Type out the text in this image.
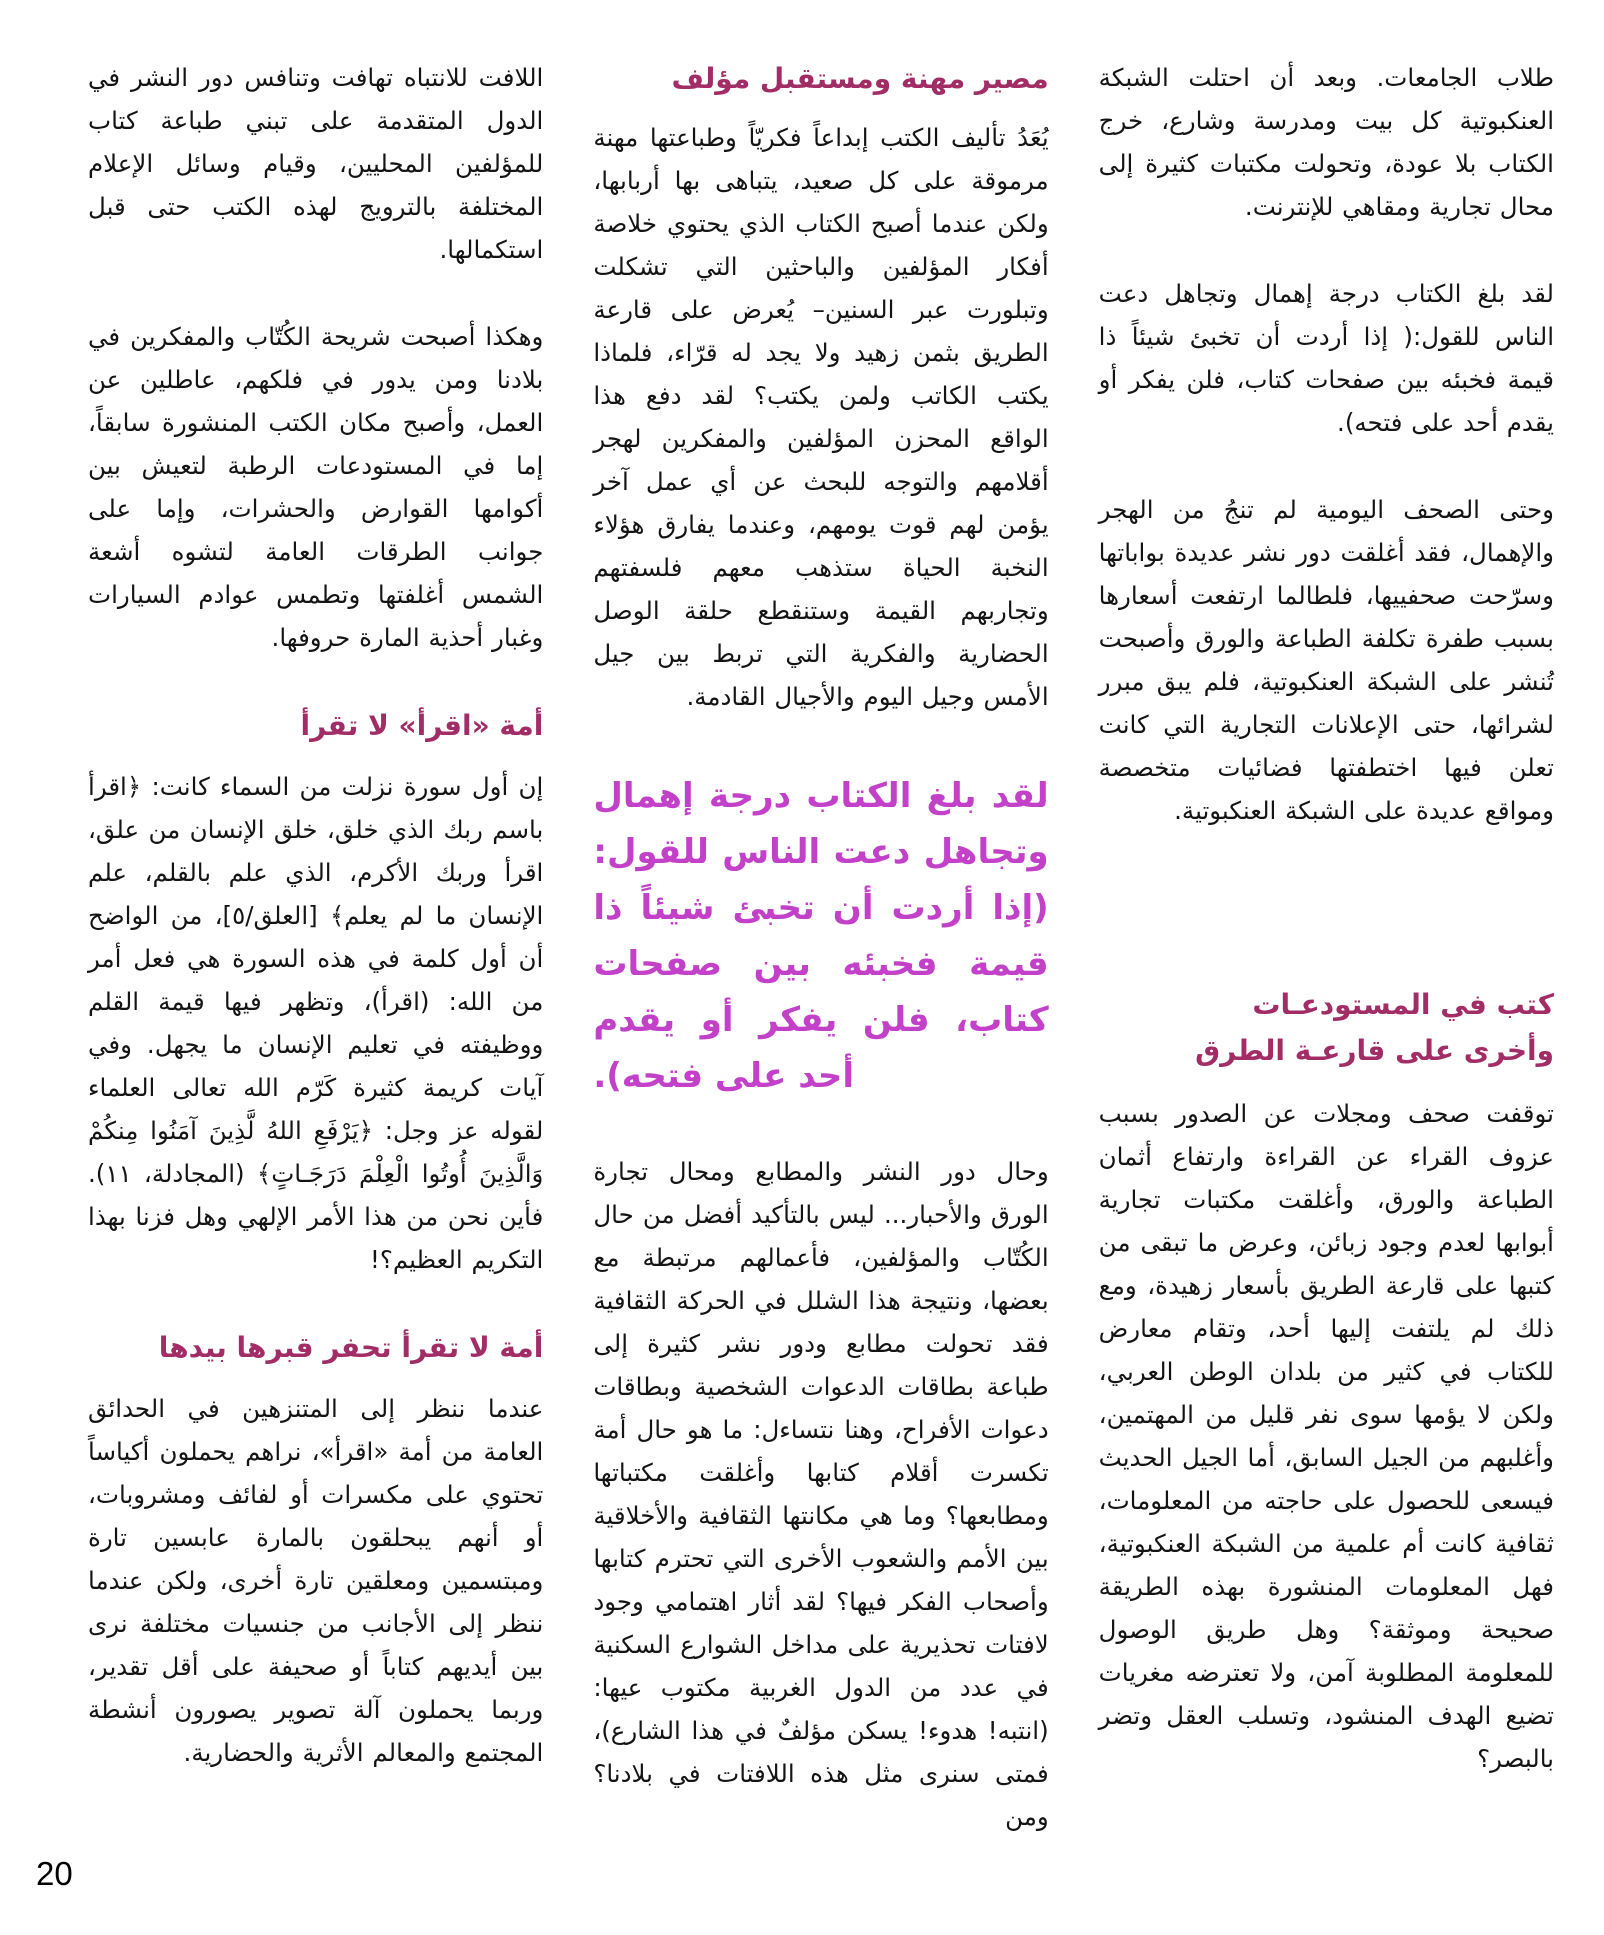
طلاب الجامعات. وبعد أن احتلت الشبكة العنكبوتية كل بيت ومدرسة وشارع، خرج الكتاب بلا عودة، وتحولت مكتبات كثيرة إلى محال تجارية ومقاهي للإنترنت.

لقد بلغ الكتاب درجة إهمال وتجاهل دعت الناس للقول:( إذا أردت أن تخبئ شيئاً ذا قيمة فخبئه بين صفحات كتاب، فلن يفكر أو يقدم أحد على فتحه).

وحتى الصحف اليومية لم تنجُ من الهجر والإهمال، فقد أغلقت دور نشر عديدة بواباتها وسرّحت صحفييها، فلطالما ارتفعت أسعارها بسبب طفرة تكلفة الطباعة والورق وأصبحت تُنشر على الشبكة العنكبوتية، فلم يبق مبرر لشرائها، حتى الإعلانات التجارية التي كانت تعلن فيها اختطفتها فضائيات متخصصة ومواقع عديدة على الشبكة العنكبوتية.

كتب في المستودعـات
وأخرى على قارعـة الطرق

توقفت صحف ومجلات عن الصدور بسبب عزوف القراء عن القراءة وارتفاع أثمان الطباعة والورق، وأغلقت مكتبات تجارية أبوابها لعدم وجود زبائن، وعرض ما تبقى من كتبها على قارعة الطريق بأسعار زهيدة، ومع ذلك لم يلتفت إليها أحد، وتقام معارض للكتاب في كثير من بلدان الوطن العربي، ولكن لا يؤمها سوى نفر قليل من المهتمين، وأغلبهم من الجيل السابق، أما الجيل الحديث فيسعى للحصول على حاجته من المعلومات، ثقافية كانت أم علمية من الشبكة العنكبوتية، فهل المعلومات المنشورة بهذه الطريقة صحيحة وموثقة؟ وهل طريق الوصول للمعلومة المطلوبة آمن، ولا تعترضه مغريات تضيع الهدف المنشود، وتسلب العقل وتضر بالبصر؟

مصير مهنة ومستقبل مؤلف

يُعَدُ تأليف الكتب إبداعاً فكريّاً وطباعتها مهنة مرموقة على كل صعيد، يتباهى بها أربابها، ولكن عندما أصبح الكتاب الذي يحتوي خلاصة أفكار المؤلفين والباحثين التي تشكلت وتبلورت عبر السنين– يُعرض على قارعة الطريق بثمن زهيد ولا يجد له قرّاء، فلماذا يكتب الكاتب ولمن يكتب؟ لقد دفع هذا الواقع المحزن المؤلفين والمفكرين لهجر أقلامهم والتوجه للبحث عن أي عمل آخر يؤمن لهم قوت يومهم، وعندما يفارق هؤلاء النخبة الحياة ستذهب معهم فلسفتهم وتجاربهم القيمة وستنقطع حلقة الوصل الحضارية والفكرية التي تربط بين جيل الأمس وجيل اليوم والأجيال القادمة.

لقد بلغ الكتاب درجة إهمال وتجاهل دعت الناس للقول: (إذا أردت أن تخبئ شيئاً ذا قيمة فخبئه بين صفحات كتاب، فلن يفكر أو يقدم أحد على فتحه).

وحال دور النشر والمطابع ومحال تجارة الورق والأحبار... ليس بالتأكيد أفضل من حال الكُتّاب والمؤلفين، فأعمالهم مرتبطة مع بعضها، ونتيجة هذا الشلل في الحركة الثقافية فقد تحولت مطابع ودور نشر كثيرة إلى طباعة بطاقات الدعوات الشخصية وبطاقات دعوات الأفراح، وهنا نتساءل: ما هو حال أمة تكسرت أقلام كتابها وأغلقت مكتباتها ومطابعها؟ وما هي مكانتها الثقافية والأخلاقية بين الأمم والشعوب الأخرى التي تحترم كتابها وأصحاب الفكر فيها؟ لقد أثار اهتمامي وجود لافتات تحذيرية على مداخل الشوارع السكنية في عدد من الدول الغربية مكتوب عيها: (انتبه! هدوء! يسكن مؤلفٌ في هذا الشارع)، فمتى سنرى مثل هذه اللافتات في بلادنا؟ ومن

اللافت للانتباه تهافت وتنافس دور النشر في الدول المتقدمة على تبني طباعة كتاب للمؤلفين المحليين، وقيام وسائل الإعلام المختلفة بالترويج لهذه الكتب حتى قبل استكمالها.

وهكذا أصبحت شريحة الكُتّاب والمفكرين في بلادنا ومن يدور في فلكهم، عاطلين عن العمل، وأصبح مكان الكتب المنشورة سابقاً، إما في المستودعات الرطبة لتعيش بين أكوامها القوارض والحشرات، وإما على جوانب الطرقات العامة لتشوه أشعة الشمس أغلفتها وتطمس عوادم السيارات وغبار أحذية المارة حروفها.

أمة «اقرأ» لا تقرأ

إن أول سورة نزلت من السماء كانت: ﴿اقرأ باسم ربك الذي خلق، خلق الإنسان من علق، اقرأ وربك الأكرم، الذي علم بالقلم، علم الإنسان ما لم يعلم﴾ [العلق/٥]، من الواضح أن أول كلمة في هذه السورة هي فعل أمر من الله: (اقرأ)، وتظهر فيها قيمة القلم ووظيفته في تعليم الإنسان ما يجهل. وفي آيات كريمة كثيرة كَرّم الله تعالى العلماء لقوله عز وجل: ﴿يَرْفَعِ اللهُ لَّذِينَ آمَنُوا مِنكُمْ وَالَّذِينَ أُوتُوا الْعِلْمَ دَرَجَـاتٍ﴾ (المجادلة، ١١). فأين نحن من هذا الأمر الإلهي وهل فزنا بهذا التكريم العظيم؟!

أمة لا تقرأ تحفر قبرها بيدها

عندما ننظر إلى المتنزهين في الحدائق العامة من أمة «اقرأ»، نراهم يحملون أكياساً تحتوي على مكسرات أو لفائف ومشروبات، أو أنهم يبحلقون بالمارة عابسين تارة ومبتسمين ومعلقين تارة أخرى، ولكن عندما ننظر إلى الأجانب من جنسيات مختلفة نرى بين أيديهم كتاباً أو صحيفة على أقل تقدير، وربما يحملون آلة تصوير يصورون أنشطة المجتمع والمعالم الأثرية والحضارية.

20
